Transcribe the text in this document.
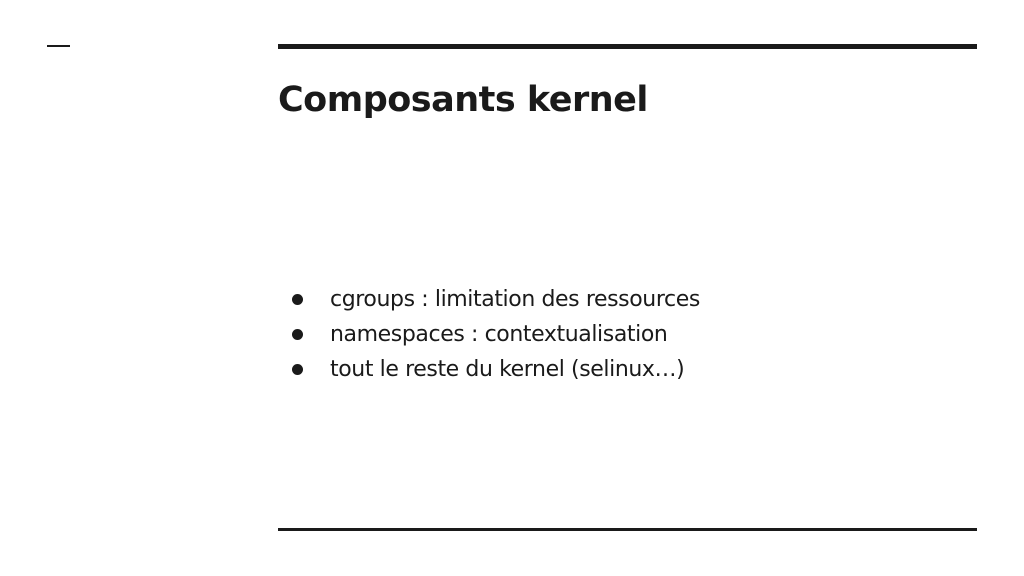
Composants kernel
cgroups : limitation des ressources
namespaces : contextualisation
tout le reste du kernel (selinux…)
